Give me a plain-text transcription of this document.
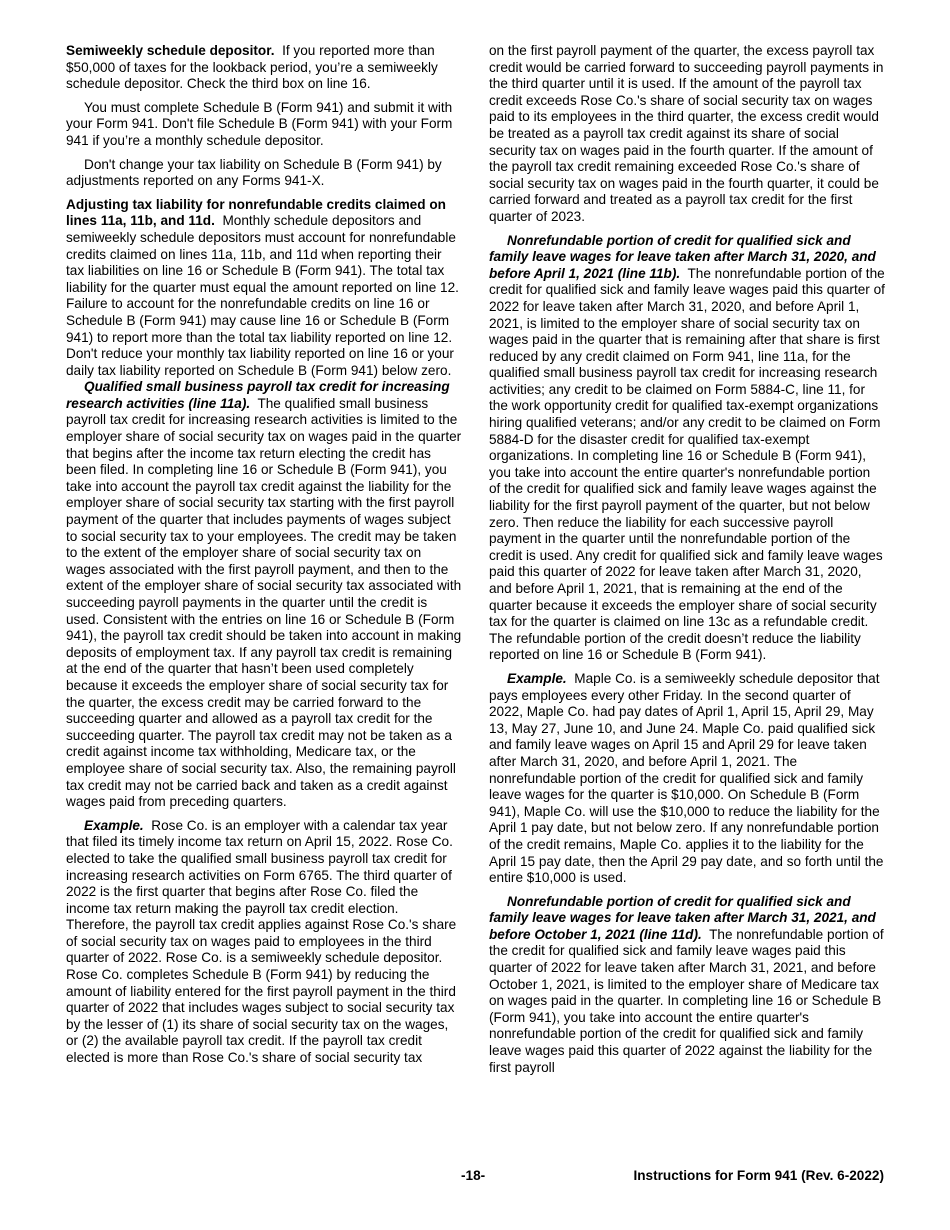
Semiweekly schedule depositor. If you reported more than $50,000 of taxes for the lookback period, you’re a semiweekly schedule depositor. Check the third box on line 16.

You must complete Schedule B (Form 941) and submit it with your Form 941. Don't file Schedule B (Form 941) with your Form 941 if you’re a monthly schedule depositor.

Don't change your tax liability on Schedule B (Form 941) by adjustments reported on any Forms 941-X.

Adjusting tax liability for nonrefundable credits claimed on lines 11a, 11b, and 11d. Monthly schedule depositors and semiweekly schedule depositors must account for nonrefundable credits claimed on lines 11a, 11b, and 11d when reporting their tax liabilities on line 16 or Schedule B (Form 941). The total tax liability for the quarter must equal the amount reported on line 12. Failure to account for the nonrefundable credits on line 16 or Schedule B (Form 941) may cause line 16 or Schedule B (Form 941) to report more than the total tax liability reported on line 12. Don't reduce your monthly tax liability reported on line 16 or your daily tax liability reported on Schedule B (Form 941) below zero.

Qualified small business payroll tax credit for increasing research activities (line 11a). The qualified small business payroll tax credit for increasing research activities is limited to the employer share of social security tax on wages paid in the quarter that begins after the income tax return electing the credit has been filed. In completing line 16 or Schedule B (Form 941), you take into account the payroll tax credit against the liability for the employer share of social security tax starting with the first payroll payment of the quarter that includes payments of wages subject to social security tax to your employees. The credit may be taken to the extent of the employer share of social security tax on wages associated with the first payroll payment, and then to the extent of the employer share of social security tax associated with succeeding payroll payments in the quarter until the credit is used. Consistent with the entries on line 16 or Schedule B (Form 941), the payroll tax credit should be taken into account in making deposits of employment tax. If any payroll tax credit is remaining at the end of the quarter that hasn’t been used completely because it exceeds the employer share of social security tax for the quarter, the excess credit may be carried forward to the succeeding quarter and allowed as a payroll tax credit for the succeeding quarter. The payroll tax credit may not be taken as a credit against income tax withholding, Medicare tax, or the employee share of social security tax. Also, the remaining payroll tax credit may not be carried back and taken as a credit against wages paid from preceding quarters.

Example. Rose Co. is an employer with a calendar tax year that filed its timely income tax return on April 15, 2022. Rose Co. elected to take the qualified small business payroll tax credit for increasing research activities on Form 6765. The third quarter of 2022 is the first quarter that begins after Rose Co. filed the income tax return making the payroll tax credit election. Therefore, the payroll tax credit applies against Rose Co.'s share of social security tax on wages paid to employees in the third quarter of 2022. Rose Co. is a semiweekly schedule depositor. Rose Co. completes Schedule B (Form 941) by reducing the amount of liability entered for the first payroll payment in the third quarter of 2022 that includes wages subject to social security tax by the lesser of (1) its share of social security tax on the wages, or (2) the available payroll tax credit. If the payroll tax credit elected is more than Rose Co.'s share of social security tax

on the first payroll payment of the quarter, the excess payroll tax credit would be carried forward to succeeding payroll payments in the third quarter until it is used. If the amount of the payroll tax credit exceeds Rose Co.'s share of social security tax on wages paid to its employees in the third quarter, the excess credit would be treated as a payroll tax credit against its share of social security tax on wages paid in the fourth quarter. If the amount of the payroll tax credit remaining exceeded Rose Co.'s share of social security tax on wages paid in the fourth quarter, it could be carried forward and treated as a payroll tax credit for the first quarter of 2023.

Nonrefundable portion of credit for qualified sick and family leave wages for leave taken after March 31, 2020, and before April 1, 2021 (line 11b). The nonrefundable portion of the credit for qualified sick and family leave wages paid this quarter of 2022 for leave taken after March 31, 2020, and before April 1, 2021, is limited to the employer share of social security tax on wages paid in the quarter that is remaining after that share is first reduced by any credit claimed on Form 941, line 11a, for the qualified small business payroll tax credit for increasing research activities; any credit to be claimed on Form 5884-C, line 11, for the work opportunity credit for qualified tax-exempt organizations hiring qualified veterans; and/or any credit to be claimed on Form 5884-D for the disaster credit for qualified tax-exempt organizations. In completing line 16 or Schedule B (Form 941), you take into account the entire quarter's nonrefundable portion of the credit for qualified sick and family leave wages against the liability for the first payroll payment of the quarter, but not below zero. Then reduce the liability for each successive payroll payment in the quarter until the nonrefundable portion of the credit is used. Any credit for qualified sick and family leave wages paid this quarter of 2022 for leave taken after March 31, 2020, and before April 1, 2021, that is remaining at the end of the quarter because it exceeds the employer share of social security tax for the quarter is claimed on line 13c as a refundable credit. The refundable portion of the credit doesn’t reduce the liability reported on line 16 or Schedule B (Form 941).

Example. Maple Co. is a semiweekly schedule depositor that pays employees every other Friday. In the second quarter of 2022, Maple Co. had pay dates of April 1, April 15, April 29, May 13, May 27, June 10, and June 24. Maple Co. paid qualified sick and family leave wages on April 15 and April 29 for leave taken after March 31, 2020, and before April 1, 2021. The nonrefundable portion of the credit for qualified sick and family leave wages for the quarter is $10,000. On Schedule B (Form 941), Maple Co. will use the $10,000 to reduce the liability for the April 1 pay date, but not below zero. If any nonrefundable portion of the credit remains, Maple Co. applies it to the liability for the April 15 pay date, then the April 29 pay date, and so forth until the entire $10,000 is used.

Nonrefundable portion of credit for qualified sick and family leave wages for leave taken after March 31, 2021, and before October 1, 2021 (line 11d). The nonrefundable portion of the credit for qualified sick and family leave wages paid this quarter of 2022 for leave taken after March 31, 2021, and before October 1, 2021, is limited to the employer share of Medicare tax on wages paid in the quarter. In completing line 16 or Schedule B (Form 941), you take into account the entire quarter's nonrefundable portion of the credit for qualified sick and family leave wages paid this quarter of 2022 against the liability for the first payroll

-18-	Instructions for Form 941 (Rev. 6-2022)
